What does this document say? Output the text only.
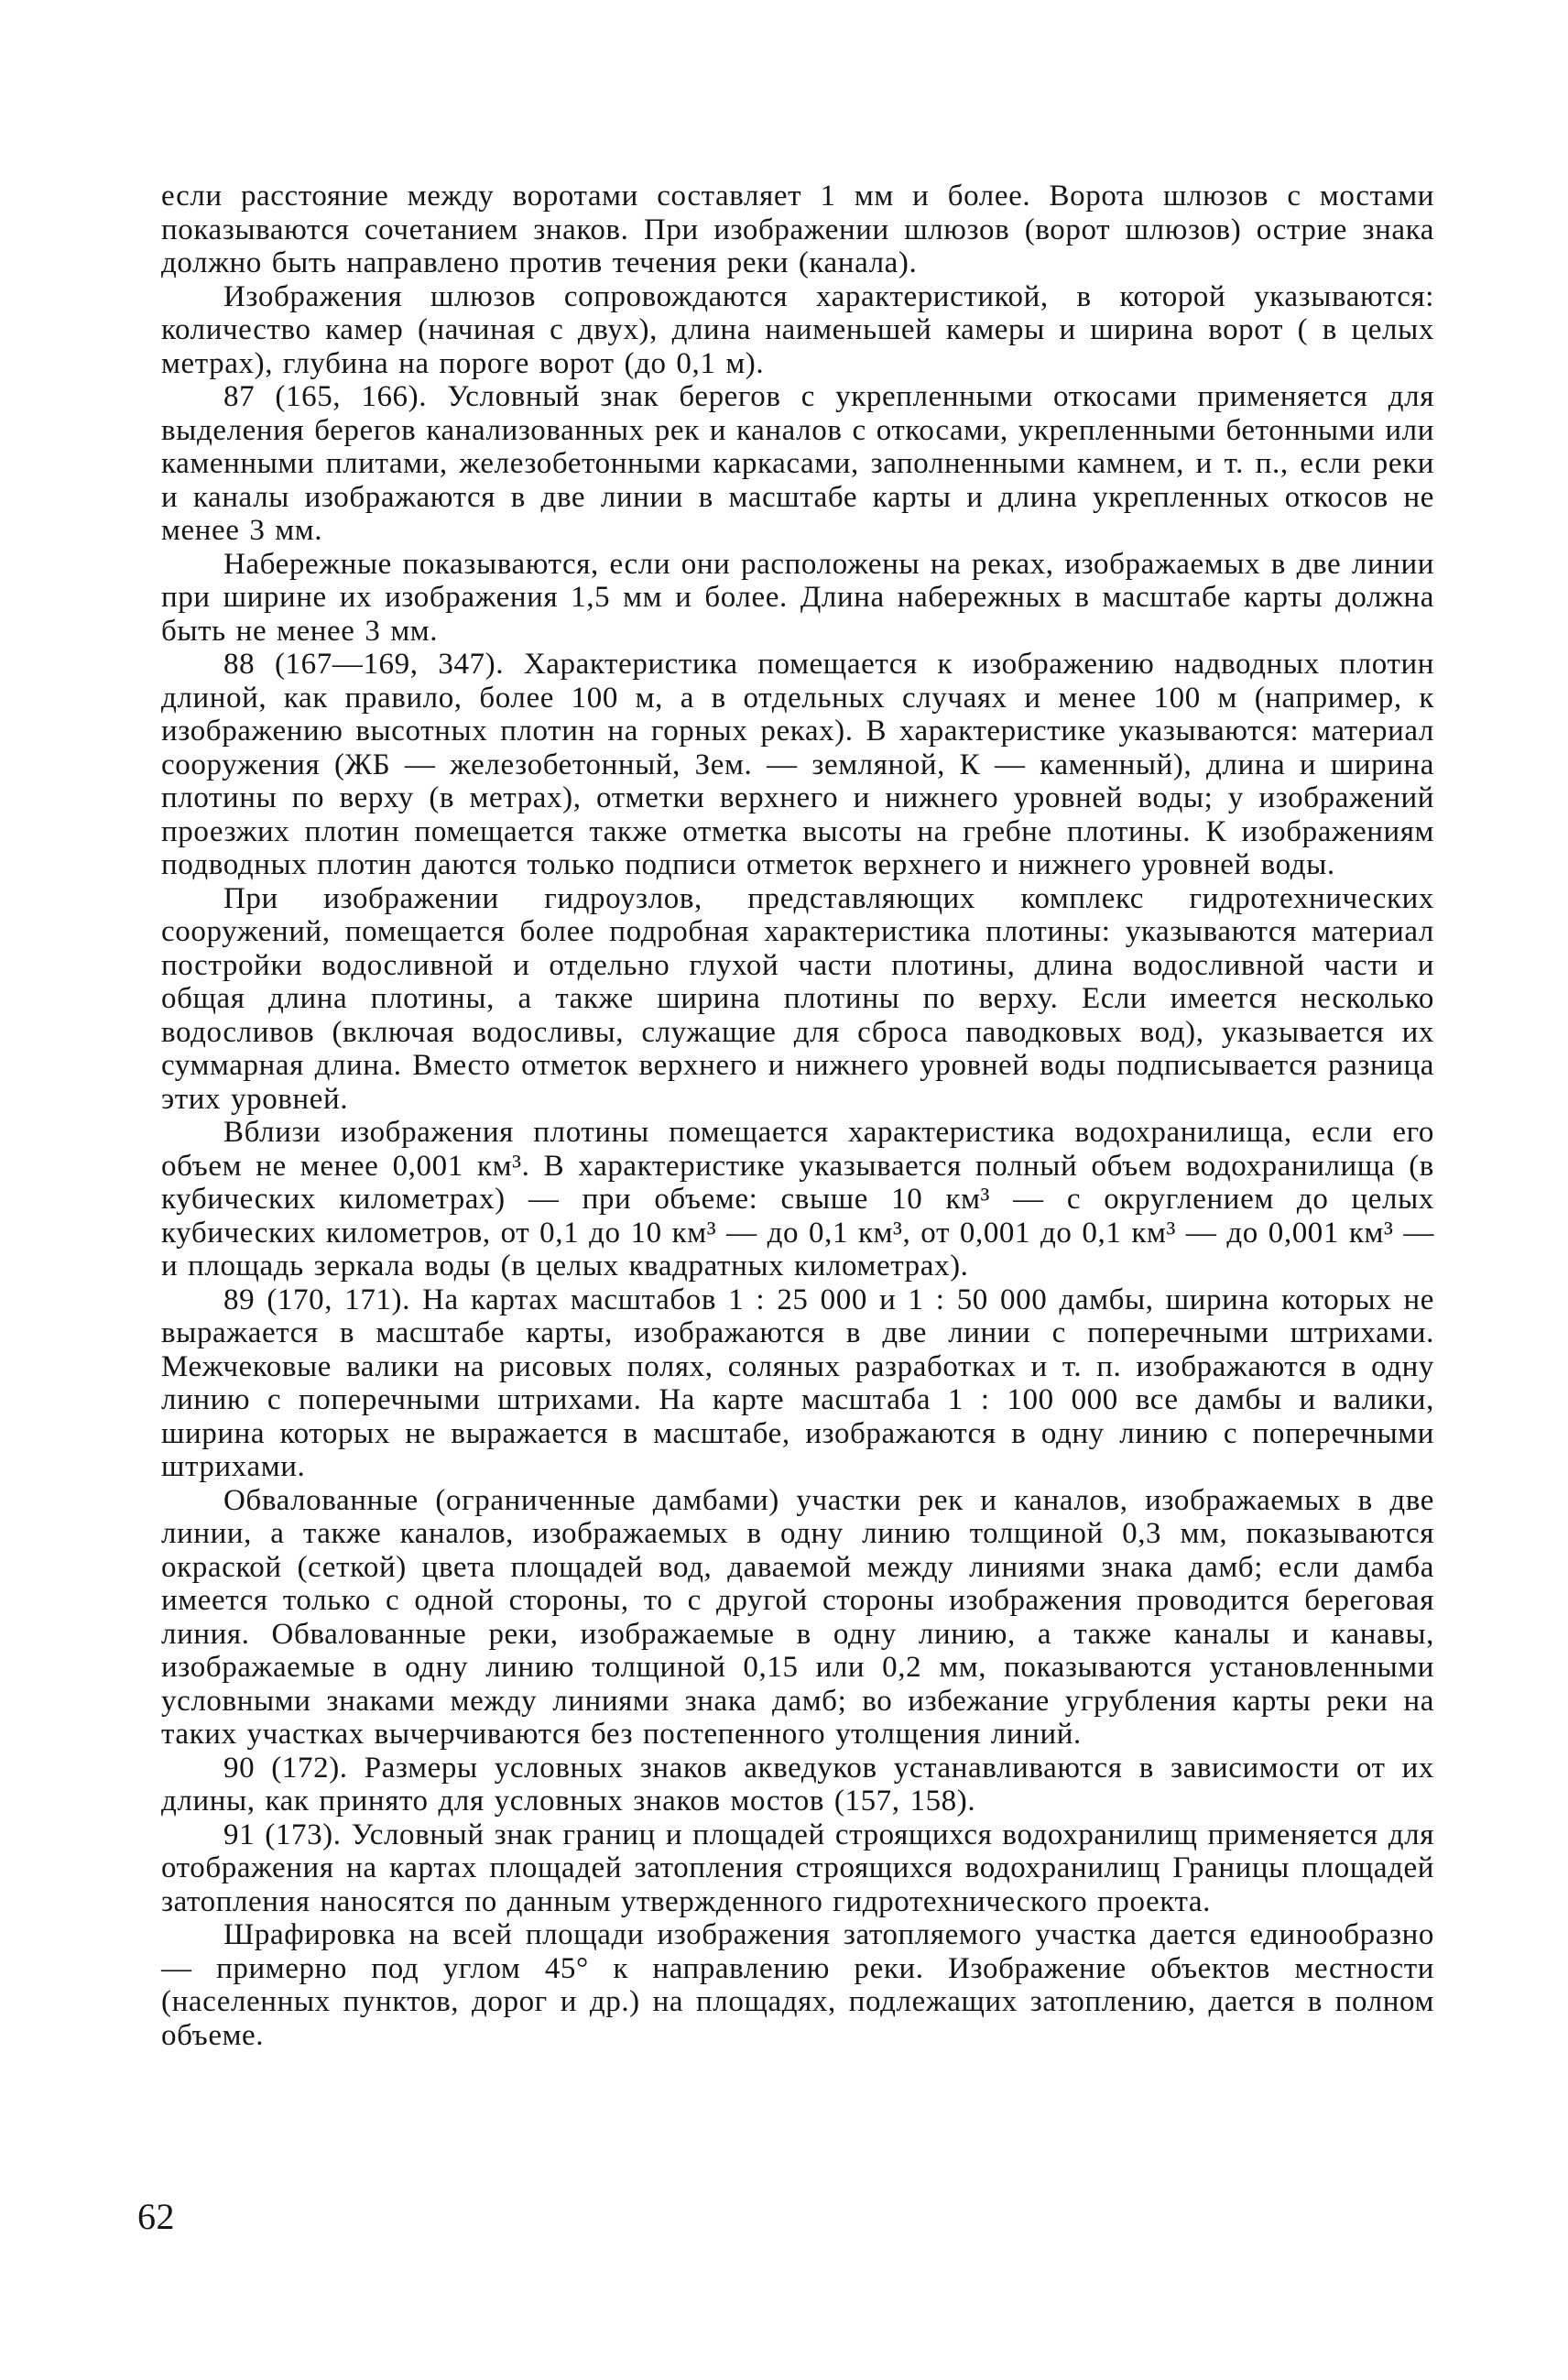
если расстояние между воротами составляет 1 мм и более. Ворота шлюзов с мостами показываются сочетанием знаков. При изображении шлюзов (ворот шлюзов) острие знака должно быть направлено против течения реки (канала).

Изображения шлюзов сопровождаются характеристикой, в которой указываются: количество камер (начиная с двух), длина наименьшей камеры и ширина ворот ( в целых метрах), глубина на пороге ворот (до 0,1 м).

87 (165, 166). Условный знак берегов с укрепленными откосами применяется для выделения берегов канализованных рек и каналов с откосами, укрепленными бетонными или каменными плитами, железобетонными каркасами, заполненными камнем, и т. п., если реки и каналы изображаются в две линии в масштабе карты и длина укрепленных откосов не менее 3 мм.

Набережные показываются, если они расположены на реках, изображаемых в две линии при ширине их изображения 1,5 мм и более. Длина набережных в масштабе карты должна быть не менее 3 мм.

88 (167—169, 347). Характеристика помещается к изображению надводных плотин длиной, как правило, более 100 м, а в отдельных случаях и менее 100 м (например, к изображению высотных плотин на горных реках). В характеристике указываются: материал сооружения (ЖБ — железобетонный, Зем. — земляной, К — каменный), длина и ширина плотины по верху (в метрах), отметки верхнего и нижнего уровней воды; у изображений проезжих плотин помещается также отметка высоты на гребне плотины. К изображениям подводных плотин даются только подписи отметок верхнего и нижнего уровней воды.

При изображении гидроузлов, представляющих комплекс гидротехнических сооружений, помещается более подробная характеристика плотины: указываются материал постройки водосливной и отдельно глухой части плотины, длина водосливной части и общая длина плотины, а также ширина плотины по верху. Если имеется несколько водосливов (включая водосливы, служащие для сброса паводковых вод), указывается их суммарная длина. Вместо отметок верхнего и нижнего уровней воды подписывается разница этих уровней.

Вблизи изображения плотины помещается характеристика водохранилища, если его объем не менее 0,001 км³. В характеристике указывается полный объем водохранилища (в кубических километрах) — при объеме: свыше 10 км³ — с округлением до целых кубических километров, от 0,1 до 10 км³ — до 0,1 км³, от 0,001 до 0,1 км³ — до 0,001 км³ — и площадь зеркала воды (в целых квадратных километрах).

89 (170, 171). На картах масштабов 1 : 25 000 и 1 : 50 000 дамбы, ширина которых не выражается в масштабе карты, изображаются в две линии с поперечными штрихами. Межчековые валики на рисовых полях, соляных разработках и т. п. изображаются в одну линию с поперечными штрихами. На карте масштаба 1 : 100 000 все дамбы и валики, ширина которых не выражается в масштабе, изображаются в одну линию с поперечными штрихами.

Обвалованные (ограниченные дамбами) участки рек и каналов, изображаемых в две линии, а также каналов, изображаемых в одну линию толщиной 0,3 мм, показываются окраской (сеткой) цвета площадей вод, даваемой между линиями знака дамб; если дамба имеется только с одной стороны, то с другой стороны изображения проводится береговая линия. Обвалованные реки, изображаемые в одну линию, а также каналы и канавы, изображаемые в одну линию толщиной 0,15 или 0,2 мм, показываются установленными условными знаками между линиями знака дамб; во избежание угрубления карты реки на таких участках вычерчиваются без постепенного утолщения линий.

90 (172). Размеры условных знаков акведуков устанавливаются в зависимости от их длины, как принято для условных знаков мостов (157, 158).

91 (173). Условный знак границ и площадей строящихся водохранилищ применяется для отображения на картах площадей затопления строящихся водохранилищ Границы площадей затопления наносятся по данным утвержденного гидротехнического проекта.

Шрафировка на всей площади изображения затопляемого участка дается единообразно — примерно под углом 45° к направлению реки. Изображение объектов местности (населенных пунктов, дорог и др.) на площадях, подлежащих затоплению, дается в полном объеме.

62
